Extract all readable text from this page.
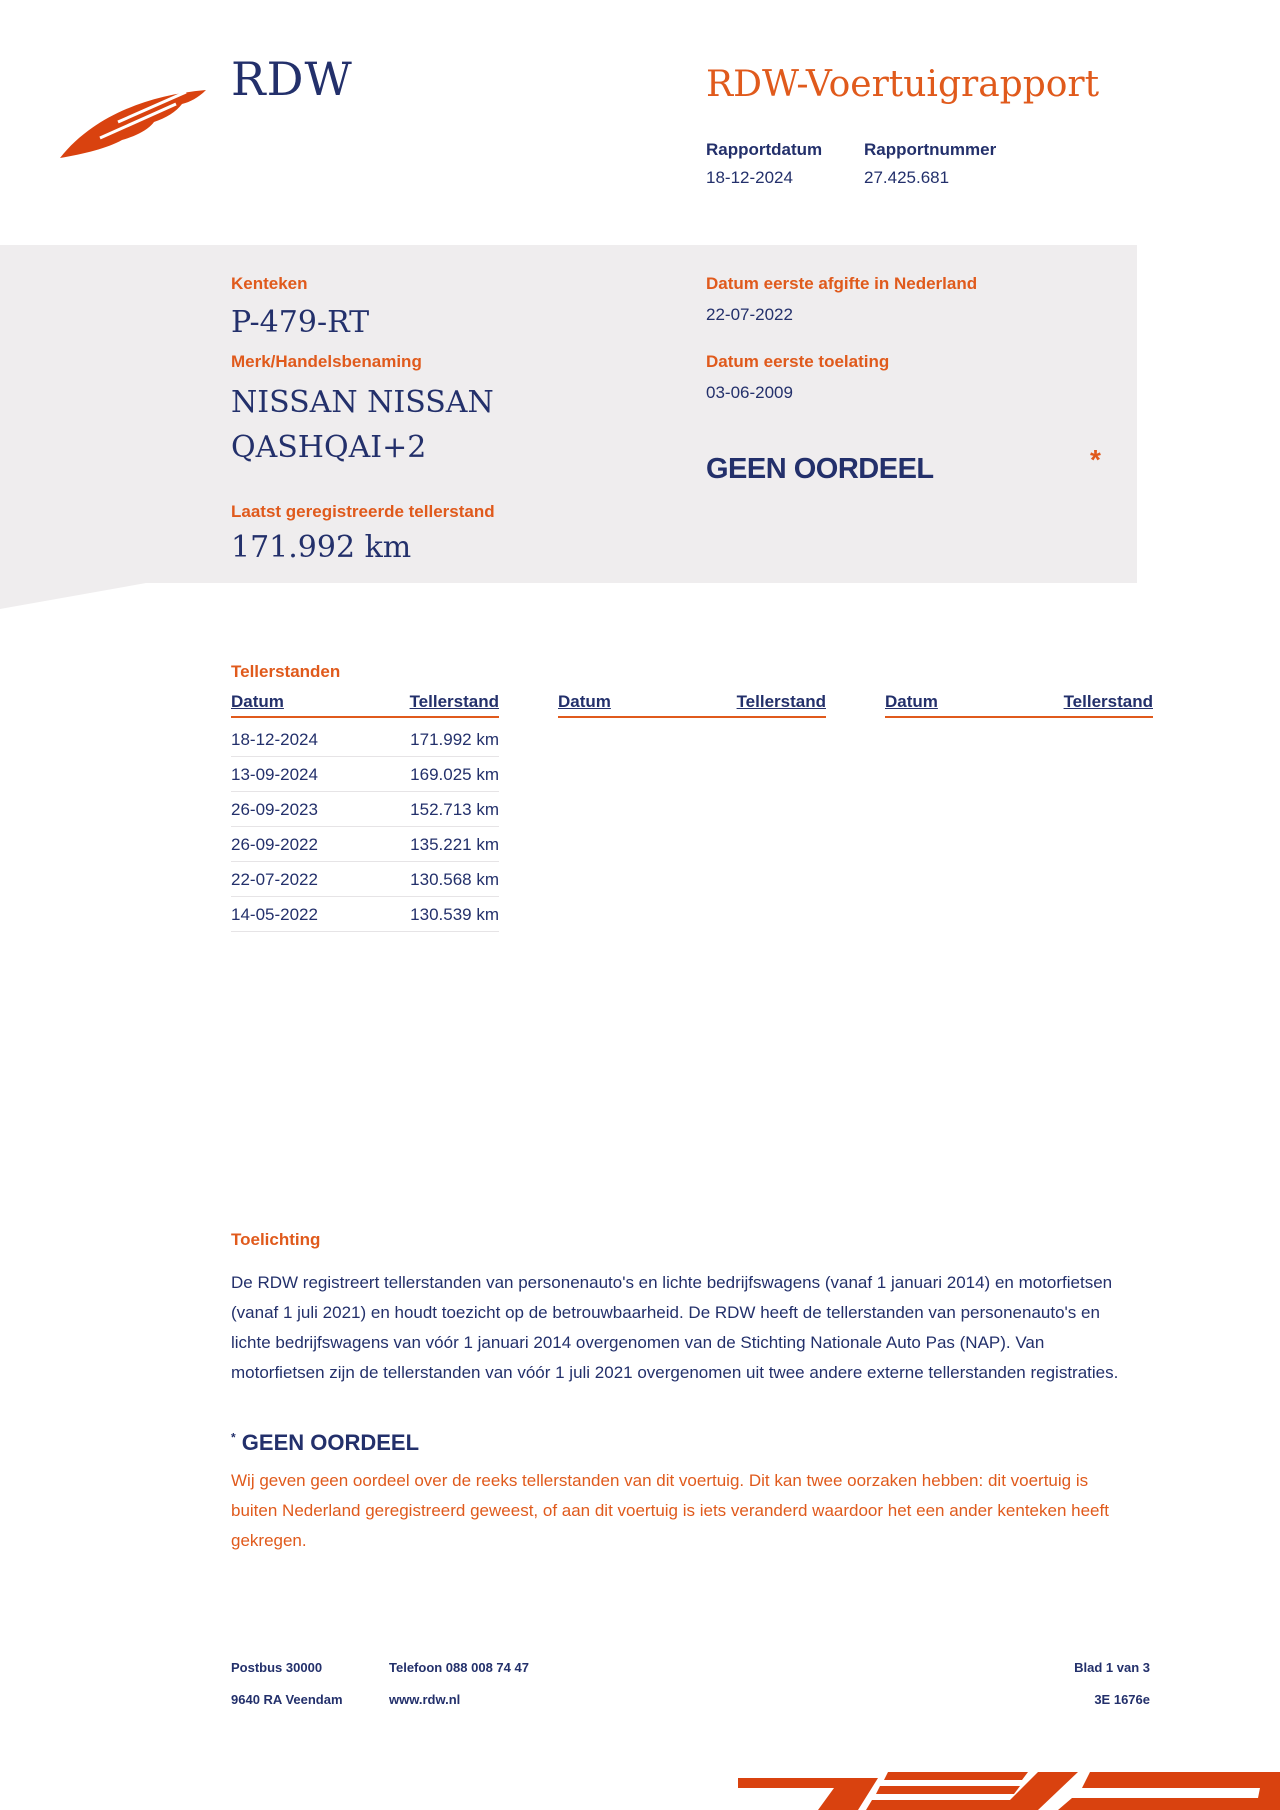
RDW	RDW-Voertuigrapport
Rapportdatum
18-12-2024
Rapportnummer
27.425.681
Kenteken
P-479-RT
Merk/Handelsbenaming
NISSAN NISSAN
QASHQAI+2
Laatst geregistreerde tellerstand
171.992 km
Datum eerste afgifte in Nederland
22-07-2022
Datum eerste toelating
03-06-2009
GEEN OORDEEL	*
Tellerstanden
Datum	Tellerstand	Datum	Tellerstand	Datum	Tellerstand
18-12-2024	171.992 km
13-09-2024	169.025 km
26-09-2023	152.713 km
26-09-2022	135.221 km
22-07-2022	130.568 km
14-05-2022	130.539 km
Toelichting
De RDW registreert tellerstanden van personenauto's en lichte bedrijfswagens (vanaf 1 januari 2014) en motorfietsen (vanaf 1 juli 2021) en houdt toezicht op de betrouwbaarheid. De RDW heeft de tellerstanden van personenauto's en lichte bedrijfswagens van vóór 1 januari 2014 overgenomen van de Stichting Nationale Auto Pas (NAP). Van motorfietsen zijn de tellerstanden van vóór 1 juli 2021 overgenomen uit twee andere externe tellerstanden registraties.
* GEEN OORDEEL
Wij geven geen oordeel over de reeks tellerstanden van dit voertuig. Dit kan twee oorzaken hebben: dit voertuig is buiten Nederland geregistreerd geweest, of aan dit voertuig is iets veranderd waardoor het een ander kenteken heeft gekregen.
Postbus 30000
9640 RA Veendam
Telefoon 088 008 74 47
www.rdw.nl
Blad 1 van 3
3E 1676e
